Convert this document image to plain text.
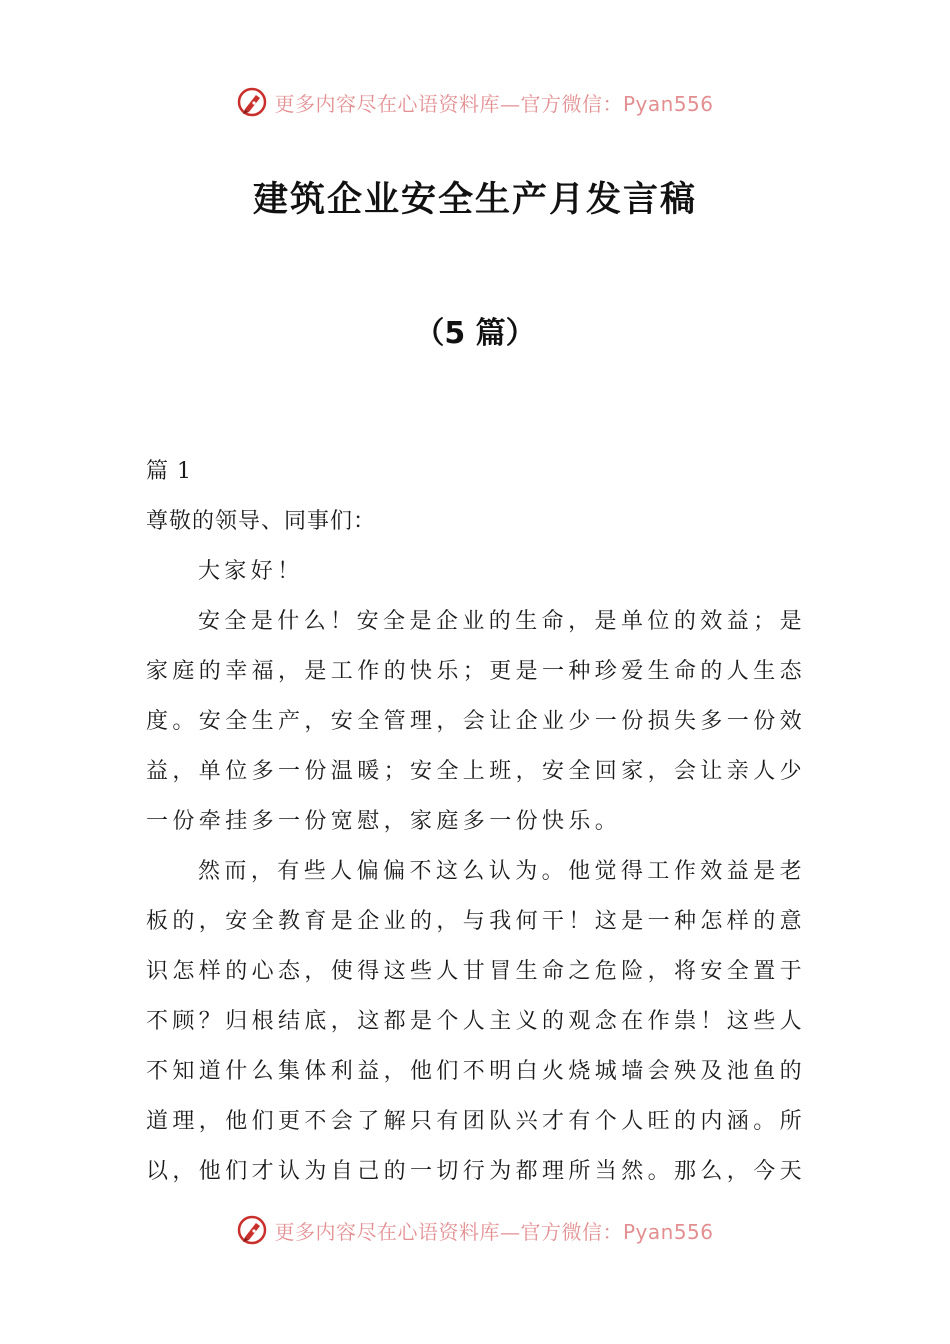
更多内容尽在心语资料库—官方微信：Pyan556
建筑企业安全生产月发言稿
（5 篇）

篇 1

尊敬的领导、同事们：

大家好！

安全是什么！安全是企业的生命，是单位的效益；是家庭的幸福，是工作的快乐；更是一种珍爱生命的人生态度。安全生产，安全管理，会让企业少一份损失多一份效益，单位多一份温暖；安全上班，安全回家，会让亲人少一份牵挂多一份宽慰，家庭多一份快乐。

然而，有些人偏偏不这么认为。他觉得工作效益是老板的，安全教育是企业的，与我何干！这是一种怎样的意识怎样的心态，使得这些人甘冒生命之危险，将安全置于不顾？归根结底，这都是个人主义的观念在作祟！这些人不知道什么集体利益，他们不明白火烧城墙会殃及池鱼的道理，他们更不会了解只有团队兴才有个人旺的内涵。所以，他们才认为自己的一切行为都理所当然。那么，今天

更多内容尽在心语资料库—官方微信：Pyan556
